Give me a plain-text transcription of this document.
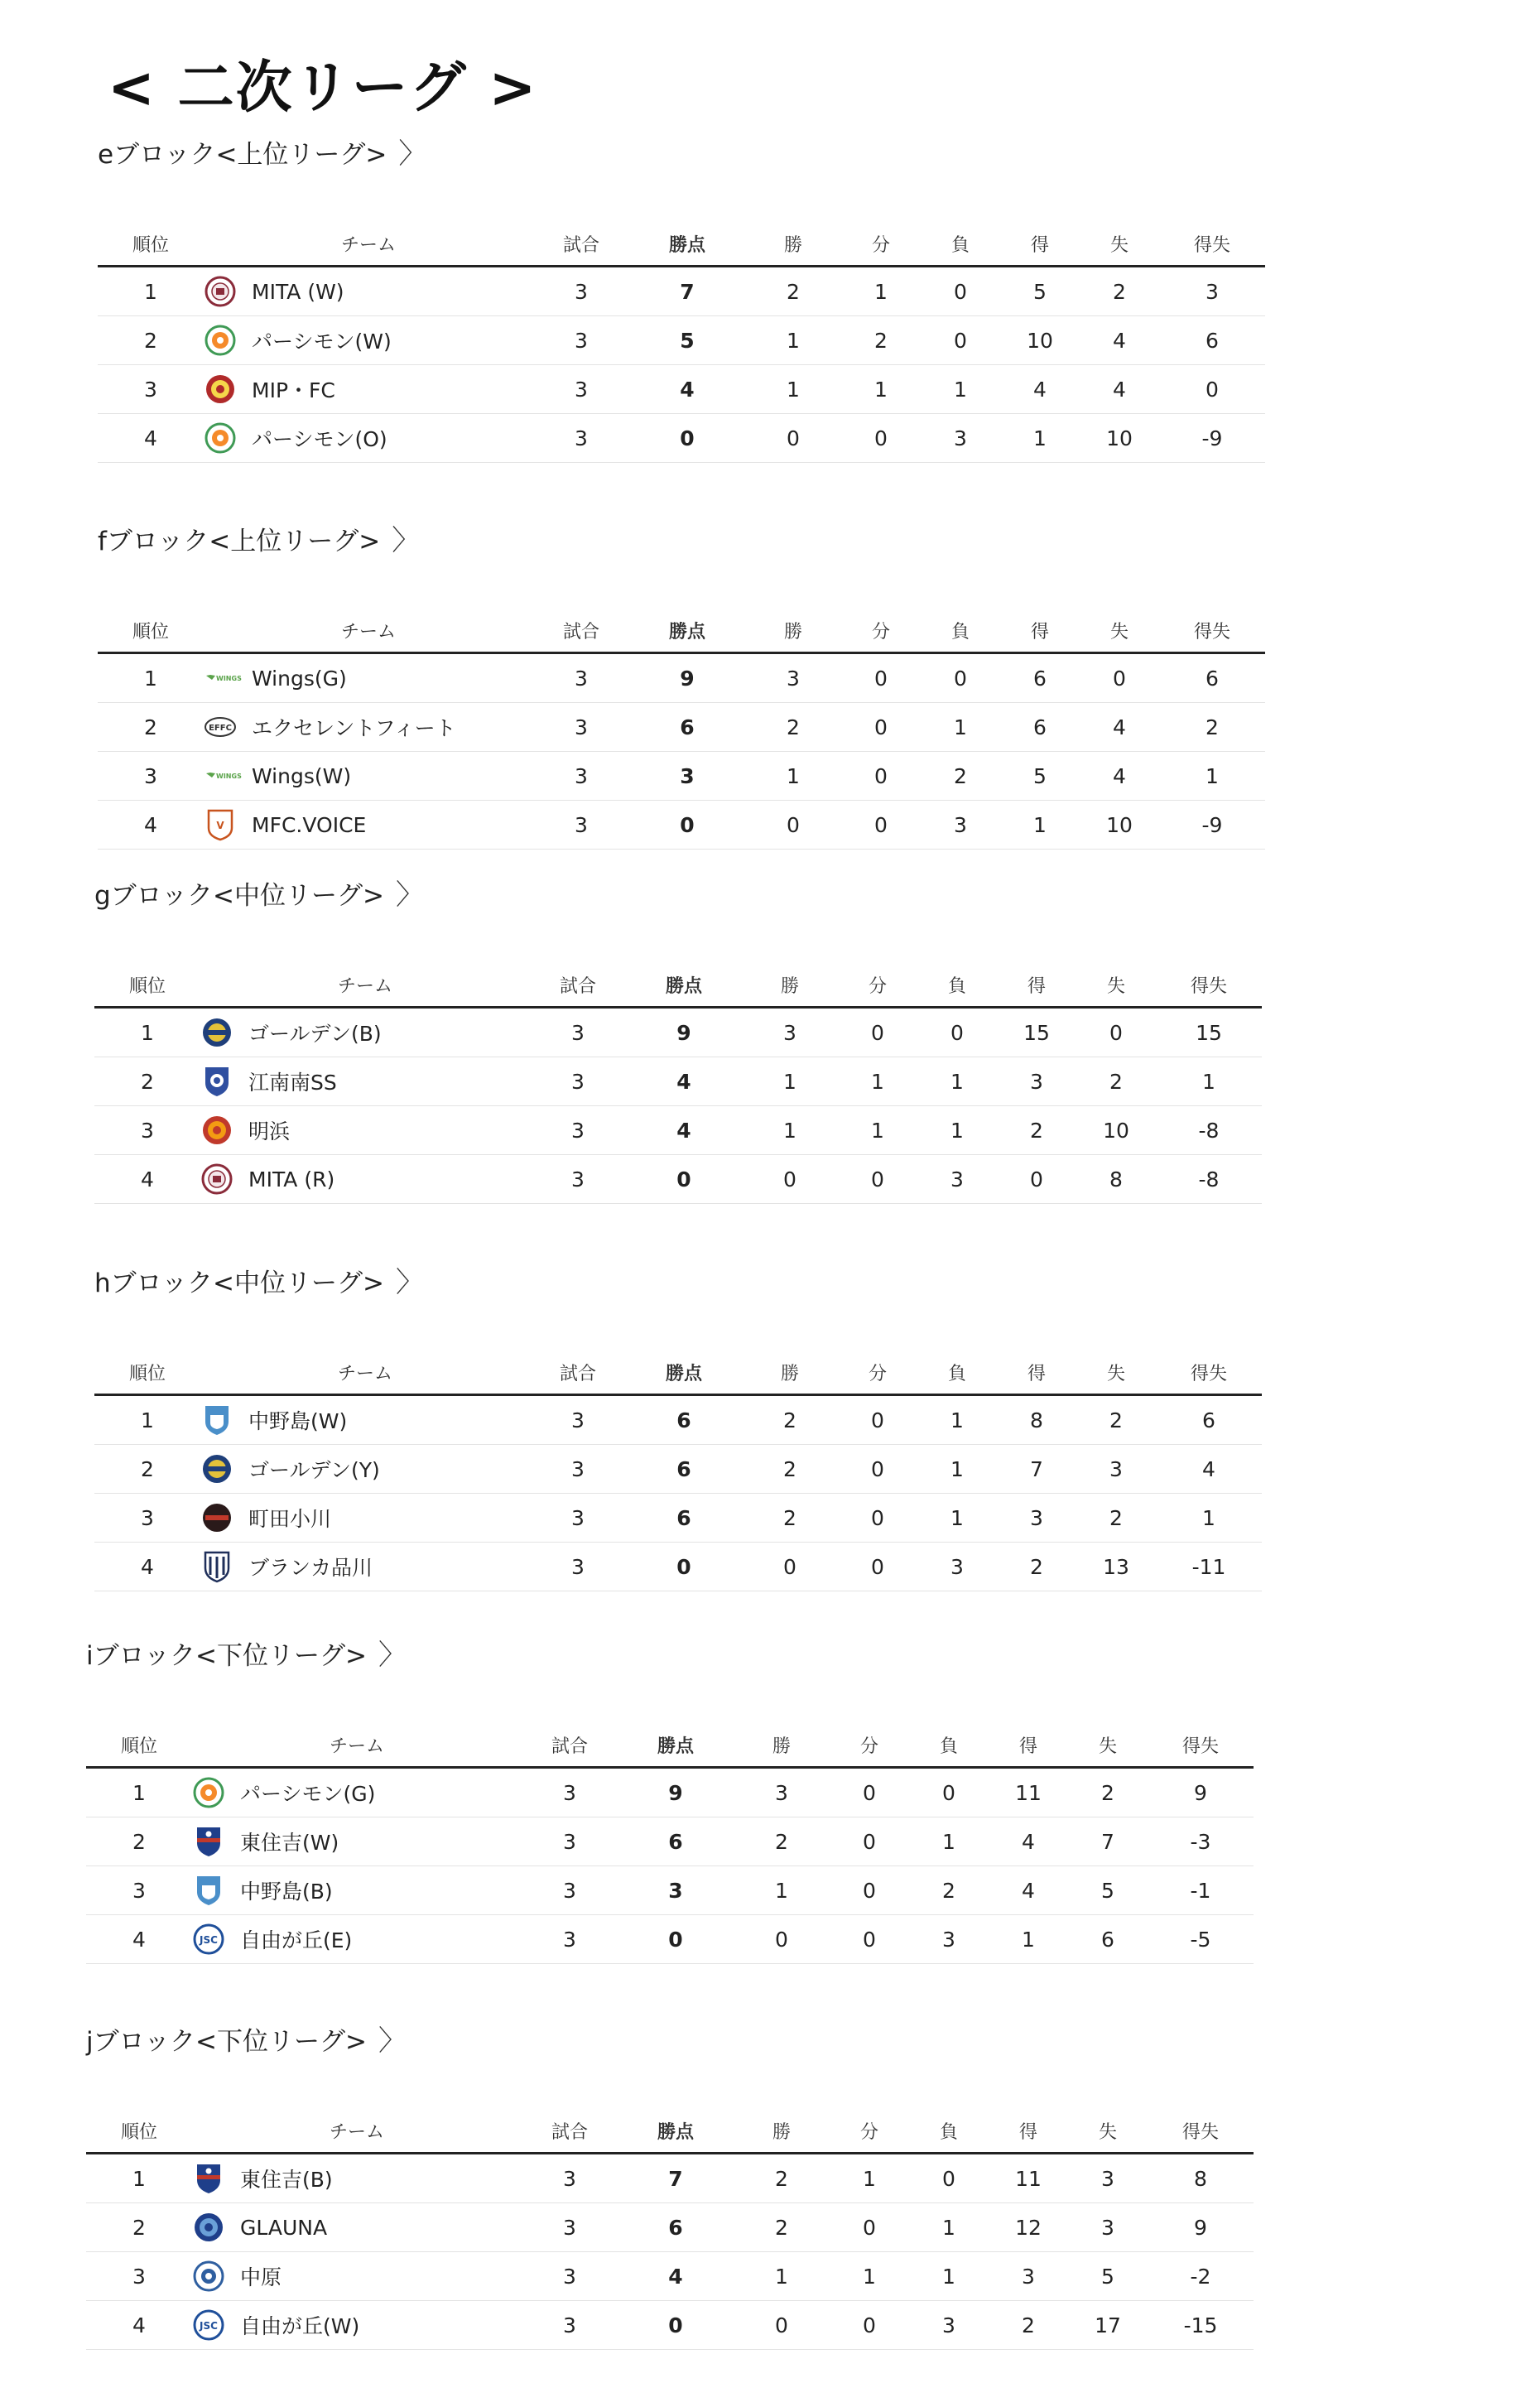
< 二次リーグ >
eブロック<上位リーグ> 〉
順位	チーム	試合	勝点	勝	分	負	得	失	得失
1	MITA (W)	3	7	2	1	0	5	2	3
2	パーシモン(W)	3	5	1	2	0	10	4	6
3	MIP・FC	3	4	1	1	1	4	4	0
4	パーシモン(O)	3	0	0	0	3	1	10	-9
fブロック<上位リーグ> 〉
順位	チーム	試合	勝点	勝	分	負	得	失	得失
1	WINGS Wings(G)	3	9	3	0	0	6	0	6
2	EFFC エクセレントフィート	3	6	2	0	1	6	4	2
3	WINGS Wings(W)	3	3	1	0	2	5	4	1
4	V MFC.VOICE	3	0	0	0	3	1	10	-9
gブロック<中位リーグ> 〉
順位	チーム	試合	勝点	勝	分	負	得	失	得失
1	ゴールデン(B)	3	9	3	0	0	15	0	15
2	江南南SS	3	4	1	1	1	3	2	1
3	明浜	3	4	1	1	1	2	10	-8
4	MITA (R)	3	0	0	0	3	0	8	-8
hブロック<中位リーグ> 〉
順位	チーム	試合	勝点	勝	分	負	得	失	得失
1	中野島(W)	3	6	2	0	1	8	2	6
2	ゴールデン(Y)	3	6	2	0	1	7	3	4
3	町田小川	3	6	2	0	1	3	2	1
4	ブランカ品川	3	0	0	0	3	2	13	-11
iブロック<下位リーグ> 〉
順位	チーム	試合	勝点	勝	分	負	得	失	得失
1	パーシモン(G)	3	9	3	0	0	11	2	9
2	東住吉(W)	3	6	2	0	1	4	7	-3
3	中野島(B)	3	3	1	0	2	4	5	-1
4	JSC 自由が丘(E)	3	0	0	0	3	1	6	-5
jブロック<下位リーグ> 〉
順位	チーム	試合	勝点	勝	分	負	得	失	得失
1	東住吉(B)	3	7	2	1	0	11	3	8
2	GLAUNA	3	6	2	0	1	12	3	9
3	中原	3	4	1	1	1	3	5	-2
4	JSC 自由が丘(W)	3	0	0	0	3	2	17	-15
